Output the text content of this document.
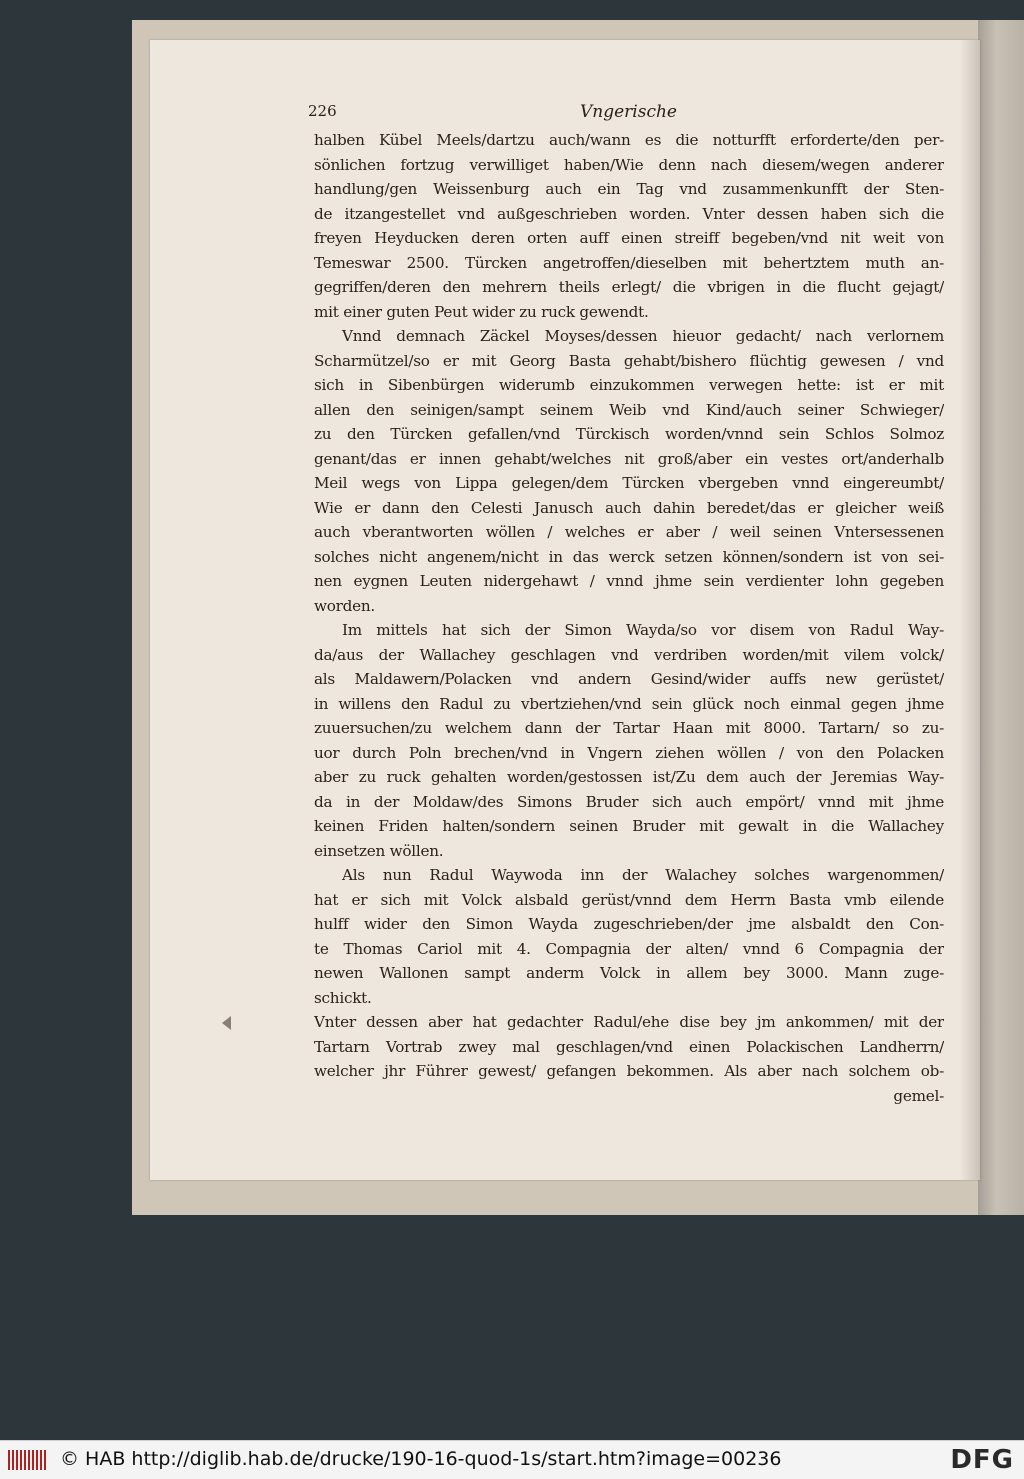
226	Vngerische
halben Kübel Meels/dartzu auch/wann es die notturfft erforderte/den per-
sönlichen fortzug verwilliget haben/Wie denn nach diesem/wegen anderer
handlung/gen Weissenburg auch ein Tag vnd zusammenkunfft der Sten-
de itzangestellet vnd außgeschrieben worden. Vnter dessen haben sich die
freyen Heyducken deren orten auff einen streiff begeben/vnd nit weit von
Temeswar 2500. Türcken angetroffen/dieselben mit behertztem muth an-
gegriffen/deren den mehrern theils erlegt/ die vbrigen in die flucht gejagt/
mit einer guten Peut wider zu ruck gewendt.
Vnnd demnach Zäckel Moyses/dessen hieuor gedacht/ nach verlornem
Scharmützel/so er mit Georg Basta gehabt/bishero flüchtig gewesen / vnd
sich in Sibenbürgen widerumb einzukommen verwegen hette: ist er mit
allen den seinigen/sampt seinem Weib vnd Kind/auch seiner Schwieger/
zu den Türcken gefallen/vnd Türckisch worden/vnnd sein Schlos Solmoz
genant/das er innen gehabt/welches nit groß/aber ein vestes ort/anderhalb
Meil wegs von Lippa gelegen/dem Türcken vbergeben vnnd eingereumbt/
Wie er dann den Celesti Janusch auch dahin beredet/das er gleicher weiß
auch vberantworten wöllen / welches er aber / weil seinen Vntersessenen
solches nicht angenem/nicht in das werck setzen können/sondern ist von sei-
nen eygnen Leuten nidergehawt / vnnd jhme sein verdienter lohn gegeben
worden.
Im mittels hat sich der Simon Wayda/so vor disem von Radul Way-
da/aus der Wallachey geschlagen vnd verdriben worden/mit vilem volck/
als Maldawern/Polacken vnd andern Gesind/wider auffs new gerüstet/
in willens den Radul zu vbertziehen/vnd sein glück noch einmal gegen jhme
zuuersuchen/zu welchem dann der Tartar Haan mit 8000. Tartarn/ so zu-
uor durch Poln brechen/vnd in Vngern ziehen wöllen / von den Polacken
aber zu ruck gehalten worden/gestossen ist/Zu dem auch der Jeremias Way-
da in der Moldaw/des Simons Bruder sich auch empört/ vnnd mit jhme
keinen Friden halten/sondern seinen Bruder mit gewalt in die Wallachey
einsetzen wöllen.
Als nun Radul Waywoda inn der Walachey solches wargenommen/
hat er sich mit Volck alsbald gerüst/vnnd dem Herrn Basta vmb eilende
hulff wider den Simon Wayda zugeschrieben/der jme alsbaldt den Con-
te Thomas Cariol mit 4. Compagnia der alten/ vnnd 6 Compagnia der
newen Wallonen sampt anderm Volck in allem bey 3000. Mann zuge-
schickt.
Vnter dessen aber hat gedachter Radul/ehe dise bey jm ankommen/ mit der
Tartarn Vortrab zwey mal geschlagen/vnd einen Polackischen Landherrn/
welcher jhr Führer gewest/ gefangen bekommen. Als aber nach solchem ob-
gemel-
© HAB http://diglib.hab.de/drucke/190-16-quod-1s/start.htm?image=00236	DFG
